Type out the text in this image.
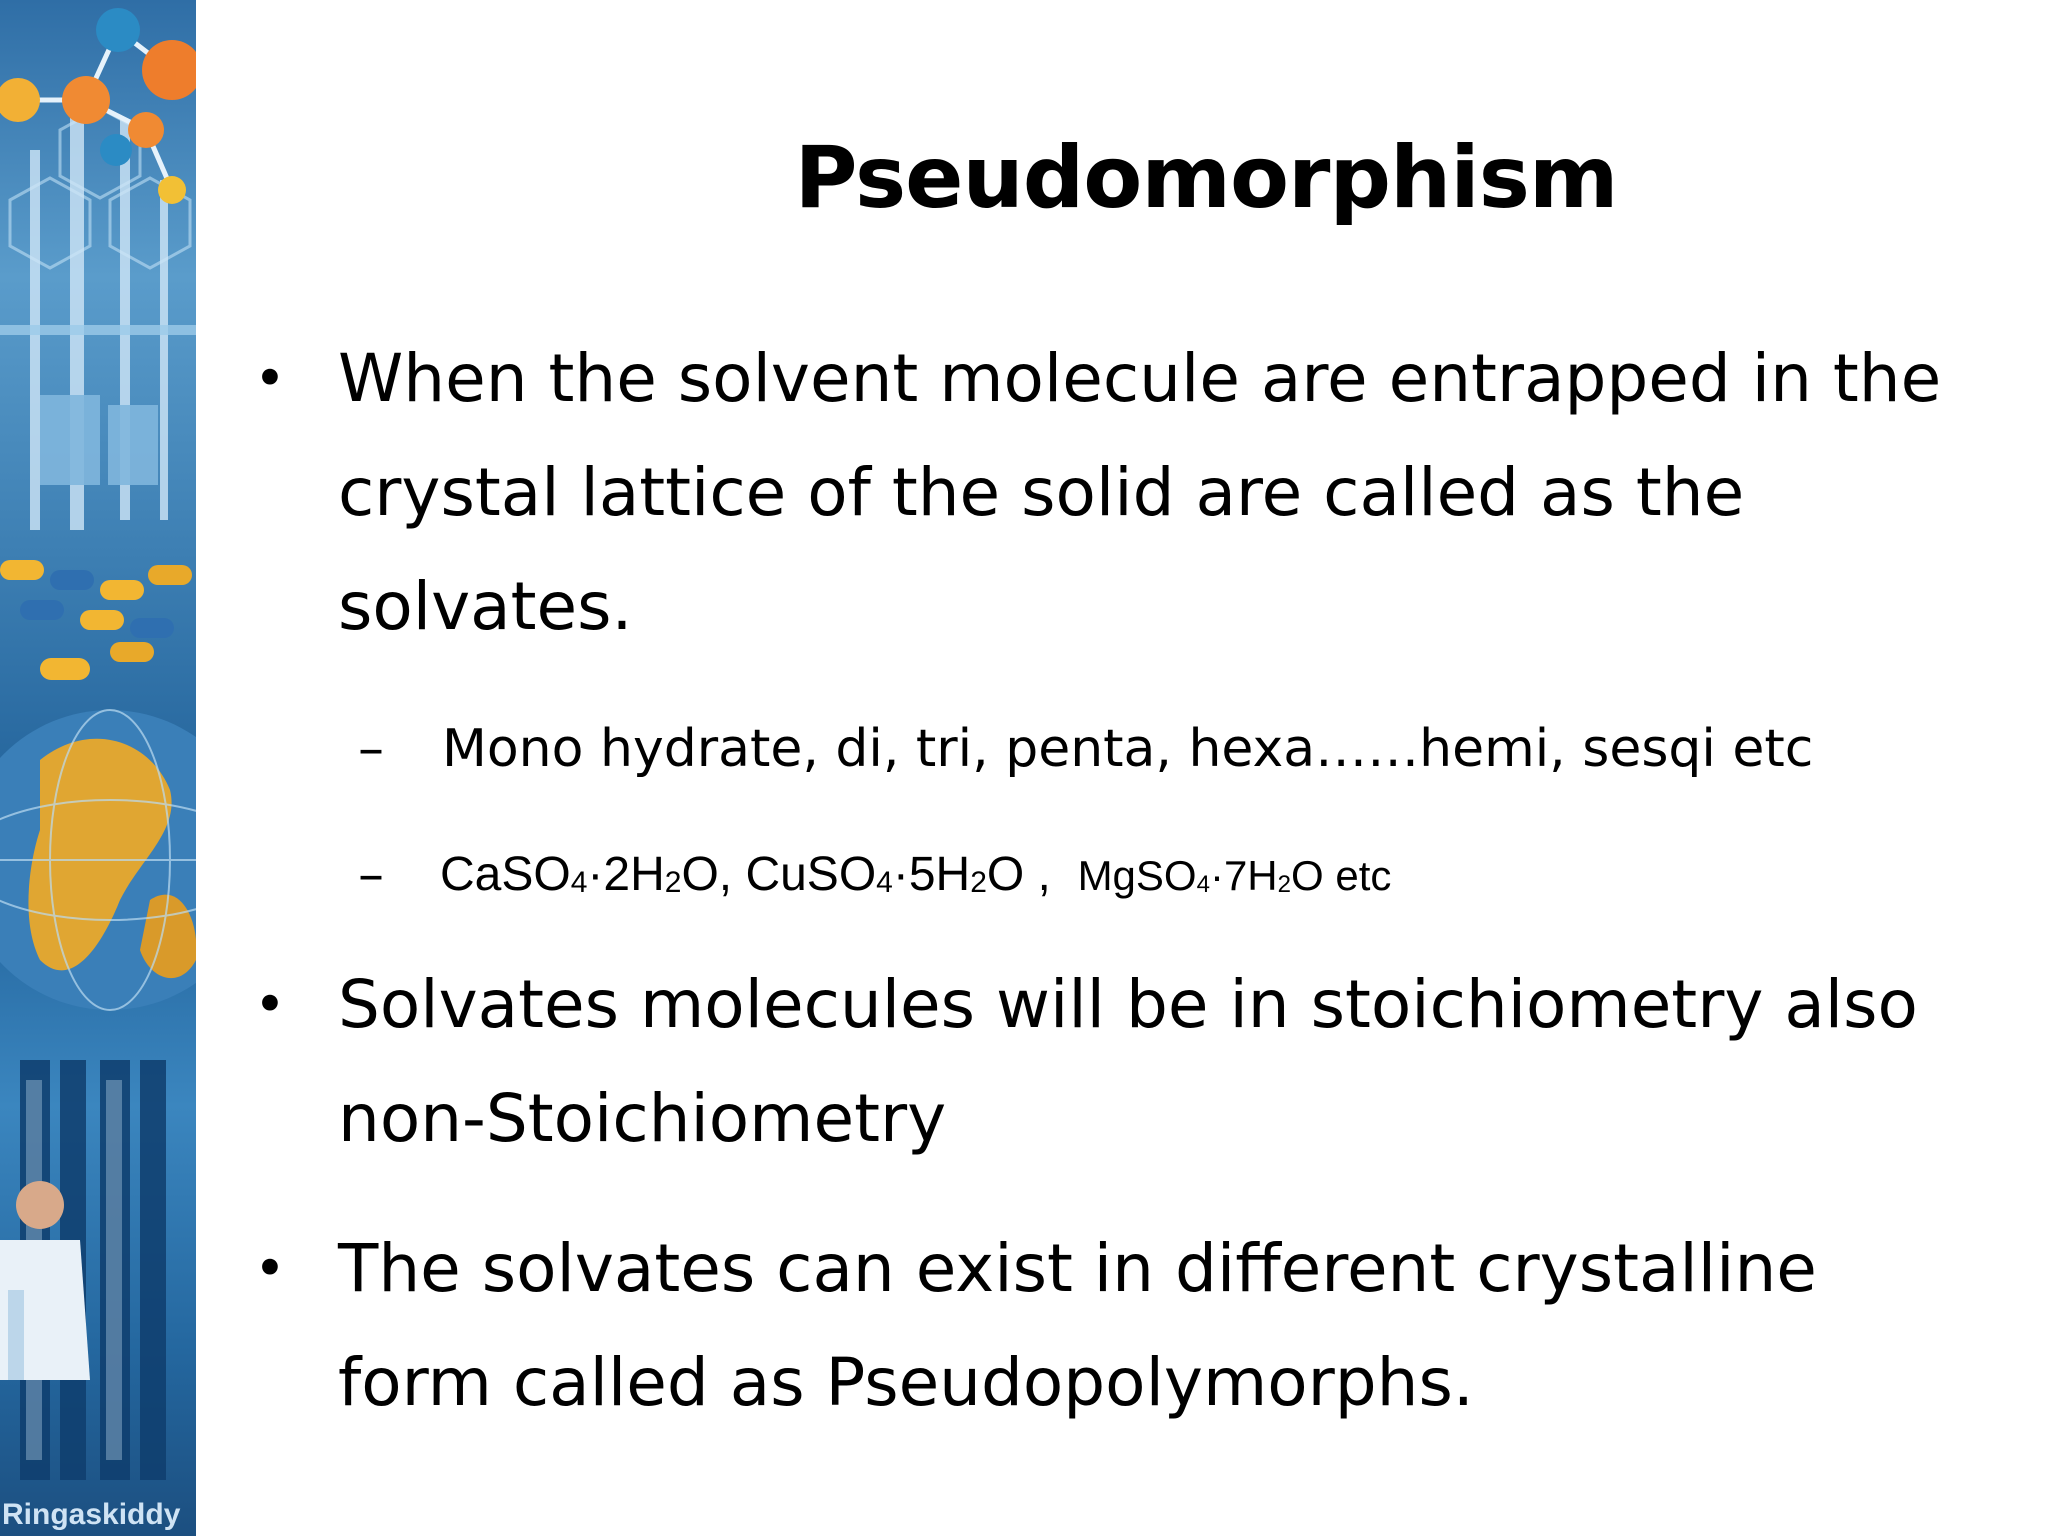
Ringaskiddy
Pseudomorphism
• When the solvent molecule are entrapped in the crystal lattice of the solid are called as the solvates.
– Mono hydrate, di, tri, penta, hexa……hemi, sesqi etc
– $CaSO_4\cdot 2H_2O$, $CuSO_4\cdot 5H_2O$ , $MgSO_4\cdot 7H_2O$ etc
• Solvates molecules will be in stoichiometry also non-Stoichiometry
• The solvates can exist in different crystalline form called as Pseudopolymorphs.
